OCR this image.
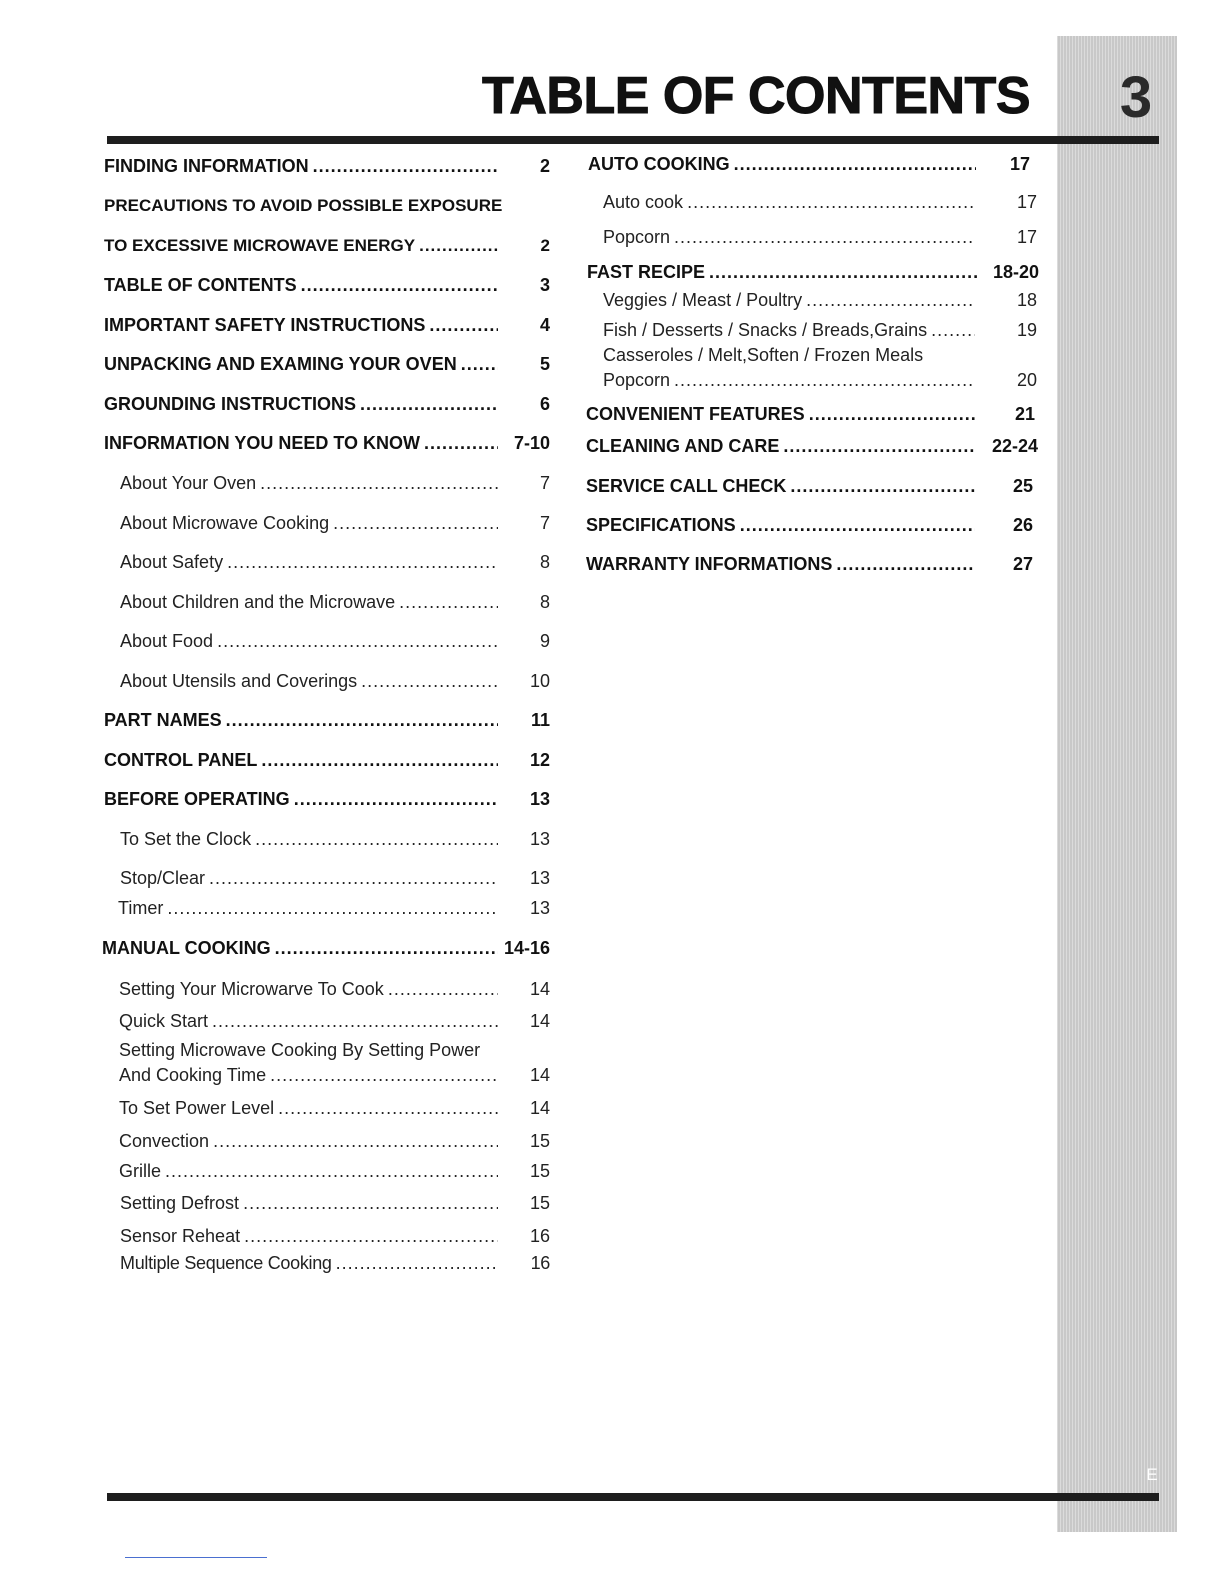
3
E
TABLE OF CONTENTS
FINDING INFORMATION .....	2
PRECAUTIONS TO AVOID POSSIBLE EXPOSURE
TO EXCESSIVE MICROWAVE ENERGY .....	2
TABLE OF CONTENTS .....	3
IMPORTANT SAFETY INSTRUCTIONS .....	4
UNPACKING AND EXAMING YOUR OVEN .....	5
GROUNDING INSTRUCTIONS .....	6
INFORMATION YOU NEED TO KNOW .....	7-10
About Your Oven .....	7
About Microwave Cooking .....	7
About Safety .....	8
About Children and the Microwave .....	8
About Food .....	9
About Utensils and Coverings .....	10
PART NAMES .....	11
CONTROL PANEL .....	12
BEFORE OPERATING .....	13
To Set the Clock .....	13
Stop/Clear .....	13
Timer .....	13
MANUAL COOKING .....	14-16
Setting Your Microwarve To Cook .....	14
Quick Start .....	14
Setting Microwave Cooking By Setting Power
And Cooking Time .....	14
To Set Power Level .....	14
Convection .....	15
Grille .....	15
Setting Defrost .....	15
Sensor Reheat .....	16
Multiple Sequence Cooking .....	16
AUTO COOKING .....	17
Auto cook .....	17
Popcorn .....	17
FAST RECIPE .....	18-20
Veggies / Meast / Poultry .....	18
Fish / Desserts / Snacks / Breads,Grains .....	19
Casseroles / Melt,Soften / Frozen Meals
Popcorn .....	20
CONVENIENT FEATURES .....	21
CLEANING AND CARE .....	22-24
SERVICE CALL CHECK .....	25
SPECIFICATIONS .....	26
WARRANTY INFORMATIONS .....	27
